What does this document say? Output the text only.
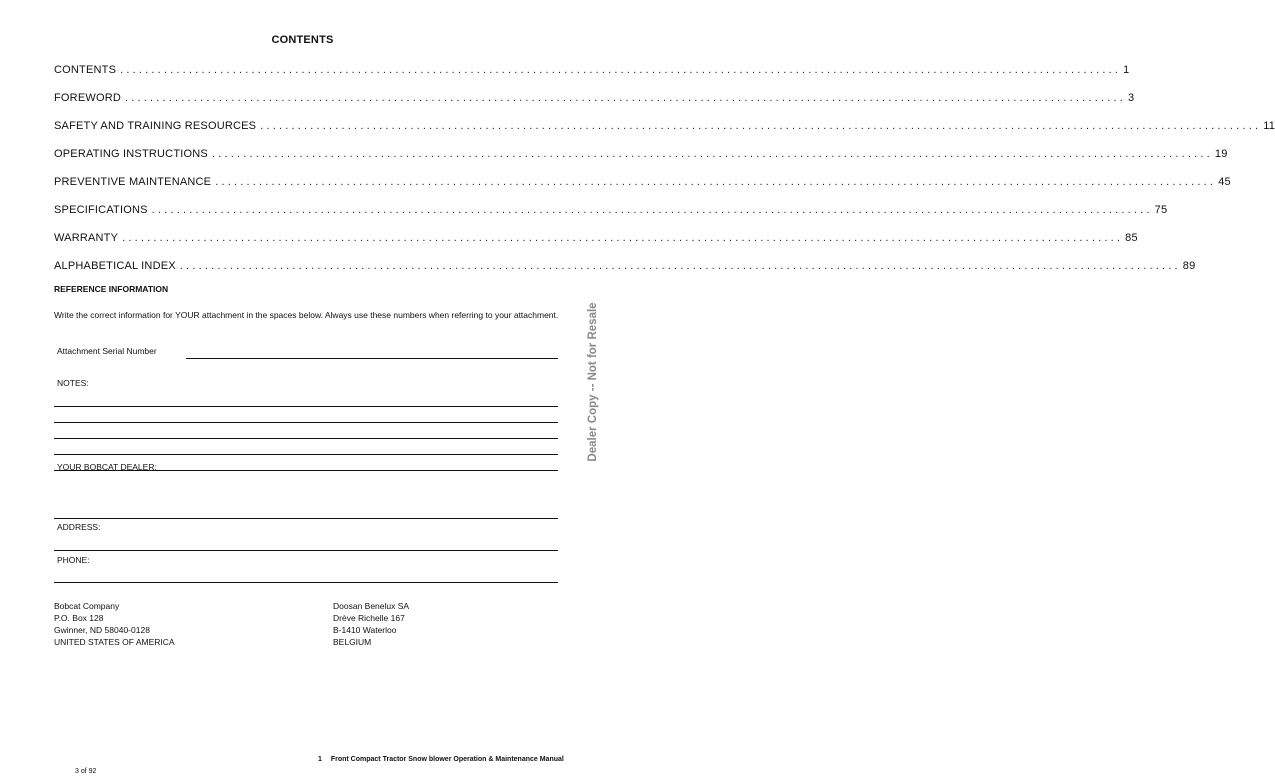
CONTENTS
CONTENTS ................................................................................................................................................................ 1
FOREWORD ................................................................................................................................................................ 3
SAFETY AND TRAINING RESOURCES ................................................................................................................................................................ 11
OPERATING INSTRUCTIONS ................................................................................................................................................................ 19
PREVENTIVE MAINTENANCE ................................................................................................................................................................ 45
SPECIFICATIONS ................................................................................................................................................................ 75
WARRANTY ................................................................................................................................................................ 85
ALPHABETICAL INDEX ................................................................................................................................................................ 89
REFERENCE INFORMATION
Write the correct information for YOUR attachment in the spaces below. Always use these numbers when referring to your attachment.
Attachment Serial Number
NOTES:
YOUR BOBCAT DEALER:
ADDRESS:
PHONE:
Bobcat Company
P.O. Box 128
Gwinner, ND 58040-0128
UNITED STATES OF AMERICA
Doosan Benelux SA
Drève Richelle 167
B-1410 Waterloo
BELGIUM
Dealer Copy -- Not for Resale
1 Front Compact Tractor Snow blower Operation & Maintenance Manual
3 of 92
